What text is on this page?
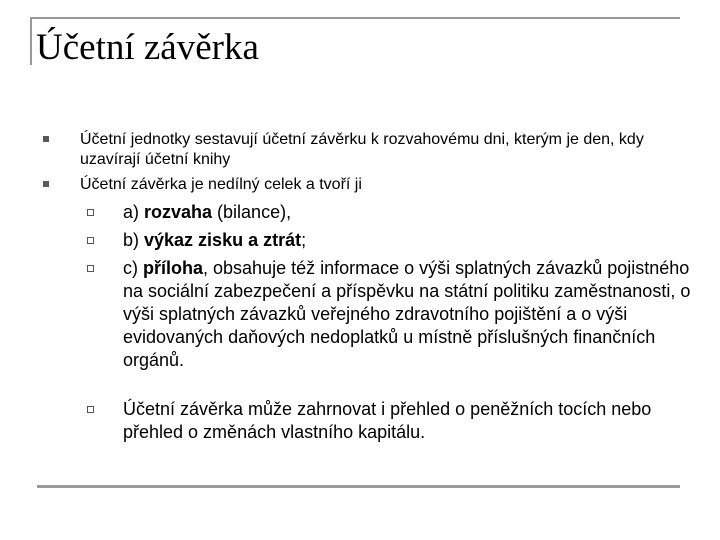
Účetní závěrka
Účetní jednotky sestavují účetní závěrku k rozvahovému dni, kterým je den, kdy uzavírají účetní knihy
Účetní závěrka je nedílný celek a tvoří ji
a) rozvaha (bilance),
b) výkaz zisku a ztrát;
c) příloha, obsahuje též informace o výši splatných závazků pojistného na sociální zabezpečení a příspěvku na státní politiku zaměstnanosti, o výši splatných závazků veřejného zdravotního pojištění a o výši evidovaných daňových nedoplatků u místně příslušných finančních orgánů.
Účetní závěrka může zahrnovat i přehled o peněžních tocích nebo přehled o změnách vlastního kapitálu.
